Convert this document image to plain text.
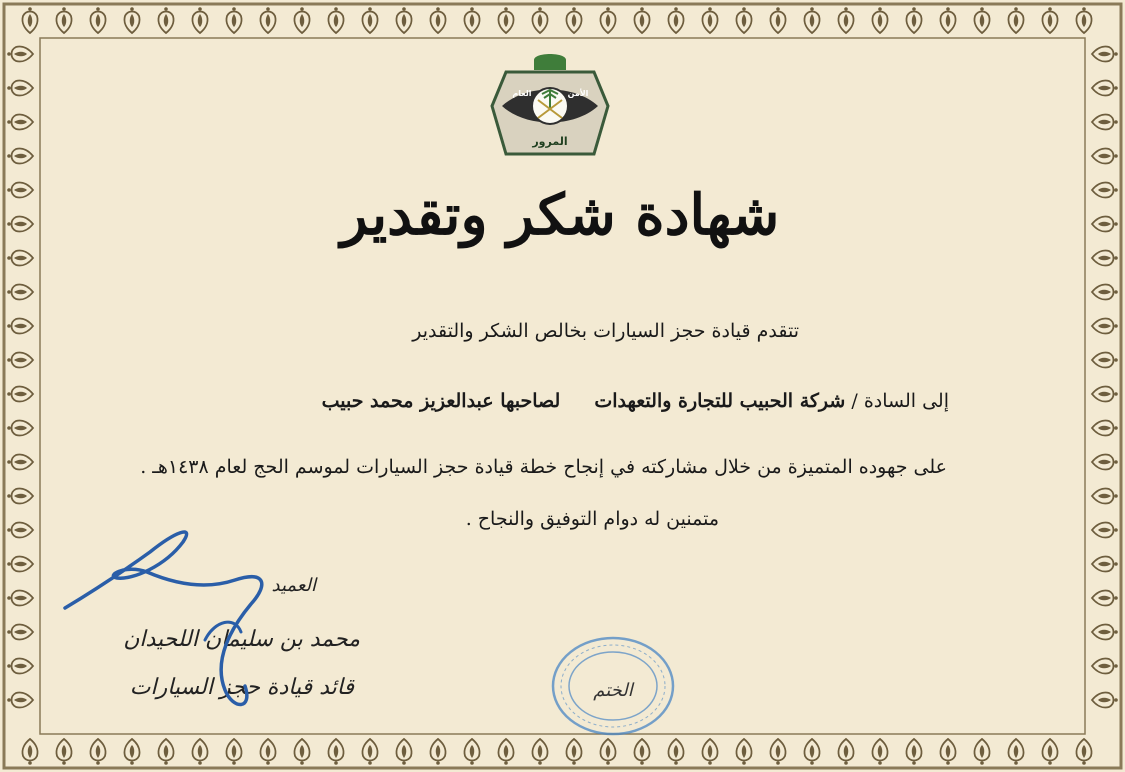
الأمن
العام
المرور
شهادة شكر وتقدير
تتقدم قيادة حجز السيارات بخالص الشكر والتقدير
إلى السادة / شركة الحبيب للتجارة والتعهدات لصاحبها عبدالعزيز محمد حبيب
على جهوده المتميزة من خلال مشاركته في إنجاح خطة قيادة حجز السيارات لموسم الحج لعام ١٤٣٨هـ .
متمنين له دوام التوفيق والنجاح .
العميد
محمد بن سليمان اللحيدان
قائد قيادة حجز السيارات	الختم
